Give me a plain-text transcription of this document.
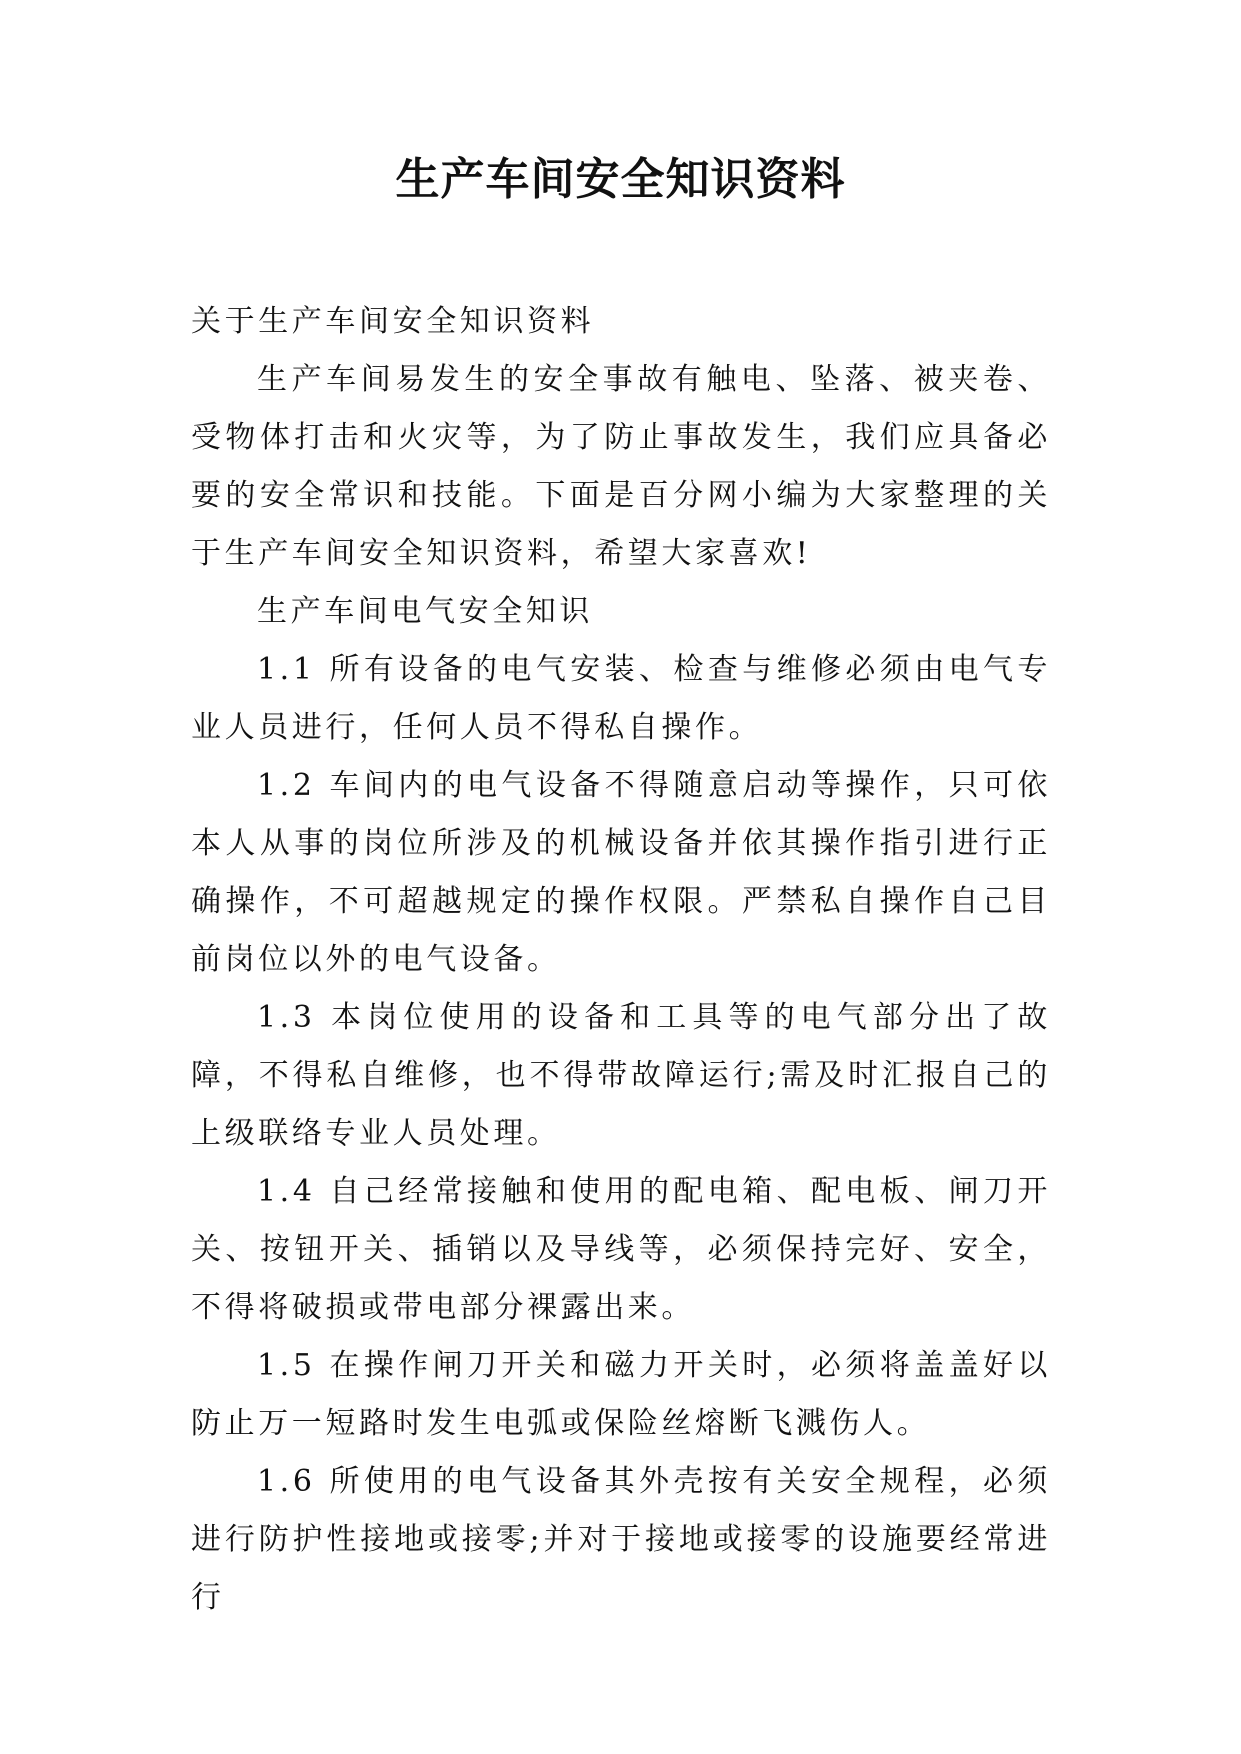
生产车间安全知识资料

关于生产车间安全知识资料

生产车间易发生的安全事故有触电、坠落、被夹卷、受物体打击和火灾等，为了防止事故发生，我们应具备必要的安全常识和技能。下面是百分网小编为大家整理的关于生产车间安全知识资料，希望大家喜欢!

生产车间电气安全知识

1.1 所有设备的电气安装、检查与维修必须由电气专业人员进行，任何人员不得私自操作。

1.2 车间内的电气设备不得随意启动等操作，只可依本人从事的岗位所涉及的机械设备并依其操作指引进行正确操作，不可超越规定的操作权限。严禁私自操作自己目前岗位以外的电气设备。

1.3 本岗位使用的设备和工具等的电气部分出了故障，不得私自维修，也不得带故障运行;需及时汇报自己的上级联络专业人员处理。

1.4 自己经常接触和使用的配电箱、配电板、闸刀开关、按钮开关、插销以及导线等，必须保持完好、安全，不得将破损或带电部分裸露出来。

1.5 在操作闸刀开关和磁力开关时，必须将盖盖好以防止万一短路时发生电弧或保险丝熔断飞溅伤人。

1.6 所使用的电气设备其外壳按有关安全规程，必须进行防护性接地或接零;并对于接地或接零的设施要经常进行
